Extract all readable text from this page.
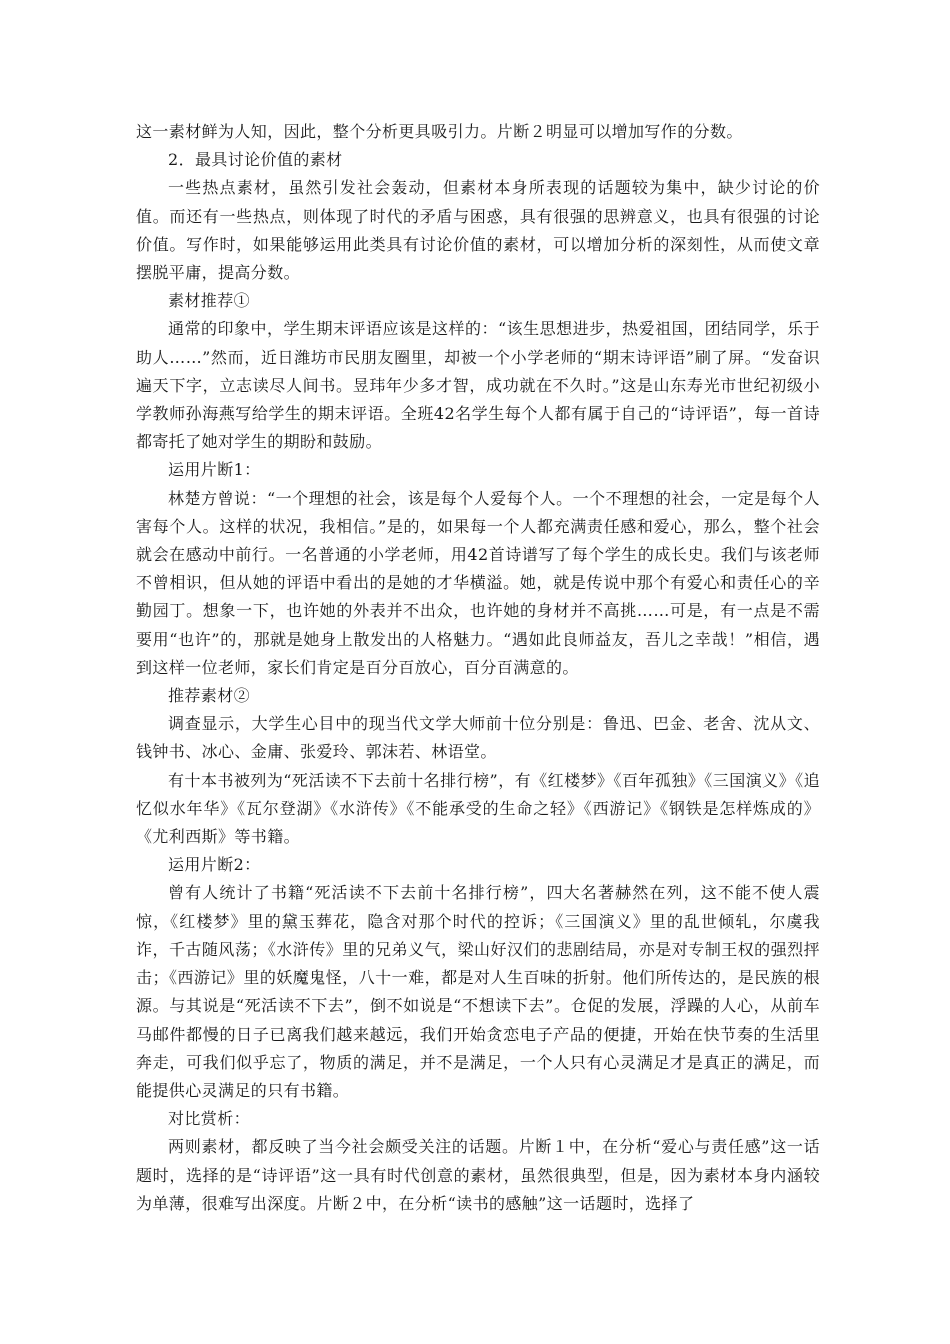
这一素材鲜为人知，因此，整个分析更具吸引力。片断２明显可以增加写作的分数。

2．最具讨论价值的素材

一些热点素材，虽然引发社会轰动，但素材本身所表现的话题较为集中，缺少讨论的价值。而还有一些热点，则体现了时代的矛盾与困惑，具有很强的思辨意义，也具有很强的讨论价值。写作时，如果能够运用此类具有讨论价值的素材，可以增加分析的深刻性，从而使文章摆脱平庸，提高分数。

素材推荐①

通常的印象中，学生期末评语应该是这样的：“该生思想进步，热爱祖国，团结同学，乐于助人……”然而，近日潍坊市民朋友圈里，却被一个小学老师的“期末诗评语”刷了屏。“发奋识遍天下字，立志读尽人间书。昱玮年少多才智，成功就在不久时。”这是山东寿光市世纪初级小学教师孙海燕写给学生的期末评语。全班42名学生每个人都有属于自己的“诗评语”，每一首诗都寄托了她对学生的期盼和鼓励。

运用片断1：

林楚方曾说：“一个理想的社会，该是每个人爱每个人。一个不理想的社会，一定是每个人害每个人。这样的状况，我相信。”是的，如果每一个人都充满责任感和爱心，那么，整个社会就会在感动中前行。一名普通的小学老师，用42首诗谱写了每个学生的成长史。我们与该老师不曾相识，但从她的评语中看出的是她的才华横溢。她，就是传说中那个有爱心和责任心的辛勤园丁。想象一下，也许她的外表并不出众，也许她的身材并不高挑……可是，有一点是不需要用“也许”的，那就是她身上散发出的人格魅力。“遇如此良师益友，吾儿之幸哉！”相信，遇到这样一位老师，家长们肯定是百分百放心，百分百满意的。

推荐素材②

调查显示，大学生心目中的现当代文学大师前十位分别是：鲁迅、巴金、老舍、沈从文、钱钟书、冰心、金庸、张爱玲、郭沫若、林语堂。

有十本书被列为“死活读不下去前十名排行榜”，有《红楼梦》《百年孤独》《三国演义》《追忆似水年华》《瓦尔登湖》《水浒传》《不能承受的生命之轻》《西游记》《钢铁是怎样炼成的》《尤利西斯》等书籍。

运用片断2：

曾有人统计了书籍“死活读不下去前十名排行榜”，四大名著赫然在列，这不能不使人震惊，《红楼梦》里的黛玉葬花，隐含对那个时代的控诉；《三国演义》里的乱世倾轧，尔虞我诈，千古随风荡；《水浒传》里的兄弟义气，梁山好汉们的悲剧结局，亦是对专制王权的强烈抨击；《西游记》里的妖魔鬼怪，八十一难，都是对人生百味的折射。他们所传达的，是民族的根源。与其说是“死活读不下去”，倒不如说是“不想读下去”。仓促的发展，浮躁的人心，从前车马邮件都慢的日子已离我们越来越远，我们开始贪恋电子产品的便捷，开始在快节奏的生活里奔走，可我们似乎忘了，物质的满足，并不是满足，一个人只有心灵满足才是真正的满足，而能提供心灵满足的只有书籍。

对比赏析：

两则素材，都反映了当今社会颇受关注的话题。片断１中，在分析“爱心与责任感”这一话题时，选择的是“诗评语”这一具有时代创意的素材，虽然很典型，但是，因为素材本身内涵较为单薄，很难写出深度。片断２中，在分析“读书的感触”这一话题时，选择了
